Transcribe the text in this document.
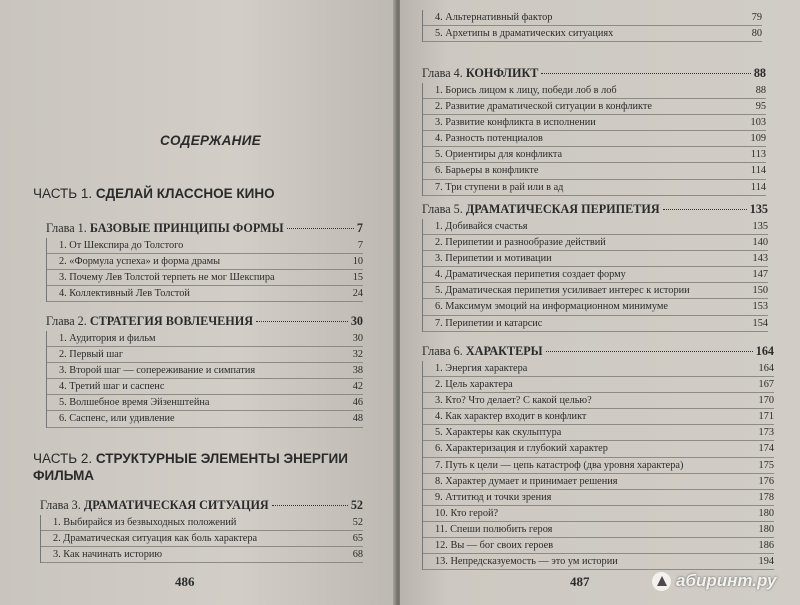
СОДЕРЖАНИЕ
ЧАСТЬ 1. СДЕЛАЙ КЛАССНОЕ КИНО
Глава 1. БАЗОВЫЕ ПРИНЦИПЫ ФОРМЫ	7
1. От Шекспира до Толстого	7
2. «Формула успеха» и форма драмы	10
3. Почему Лев Толстой терпеть не мог Шекспира	15
4. Коллективный Лев Толстой	24
Глава 2. СТРАТЕГИЯ ВОВЛЕЧЕНИЯ	30
1. Аудитория и фильм	30
2. Первый шаг	32
3. Второй шаг — сопереживание и симпатия	38
4. Третий шаг и саспенс	42
5. Волшебное время Эйзенштейна	46
6. Саспенс, или удивление	48
ЧАСТЬ 2. СТРУКТУРНЫЕ ЭЛЕМЕНТЫ ЭНЕРГИИ
ФИЛЬМА
Глава 3. ДРАМАТИЧЕСКАЯ СИТУАЦИЯ	52
1. Выбирайся из безвыходных положений	52
2. Драматическая ситуация как боль характера	65
3. Как начинать историю	68
486
4. Альтернативный фактор	79
5. Архетипы в драматических ситуациях	80
Глава 4. КОНФЛИКТ	88
1. Борись лицом к лицу, победи лоб в лоб	88
2. Развитие драматической ситуации в конфликте	95
3. Развитие конфликта в исполнении	103
4. Разность потенциалов	109
5. Ориентиры для конфликта	113
6. Барьеры в конфликте	114
7. Три ступени в рай или в ад	114
Глава 5. ДРАМАТИЧЕСКАЯ ПЕРИПЕТИЯ	135
1. Добивайся счастья	135
2. Перипетии и разнообразие действий	140
3. Перипетии и мотивации	143
4. Драматическая перипетия создает форму	147
5. Драматическая перипетия усиливает интерес к истории	150
6. Максимум эмоций на информационном минимуме	153
7. Перипетии и катарсис	154
Глава 6. ХАРАКТЕРЫ	164
1. Энергия характера	164
2. Цель характера	167
3. Кто? Что делает? С какой целью?	170
4. Как характер входит в конфликт	171
5. Характеры как скульптура	173
6. Характеризация и глубокий характер	174
7. Путь к цели — цепь катастроф (два уровня характера)	175
8. Характер думает и принимает решения	176
9. Аттитюд и точки зрения	178
10. Кто герой?	180
11. Спеши полюбить героя	180
12. Вы — бог своих героев	186
13. Непредсказуемость — это ум истории	194
487	абиринт.ру
